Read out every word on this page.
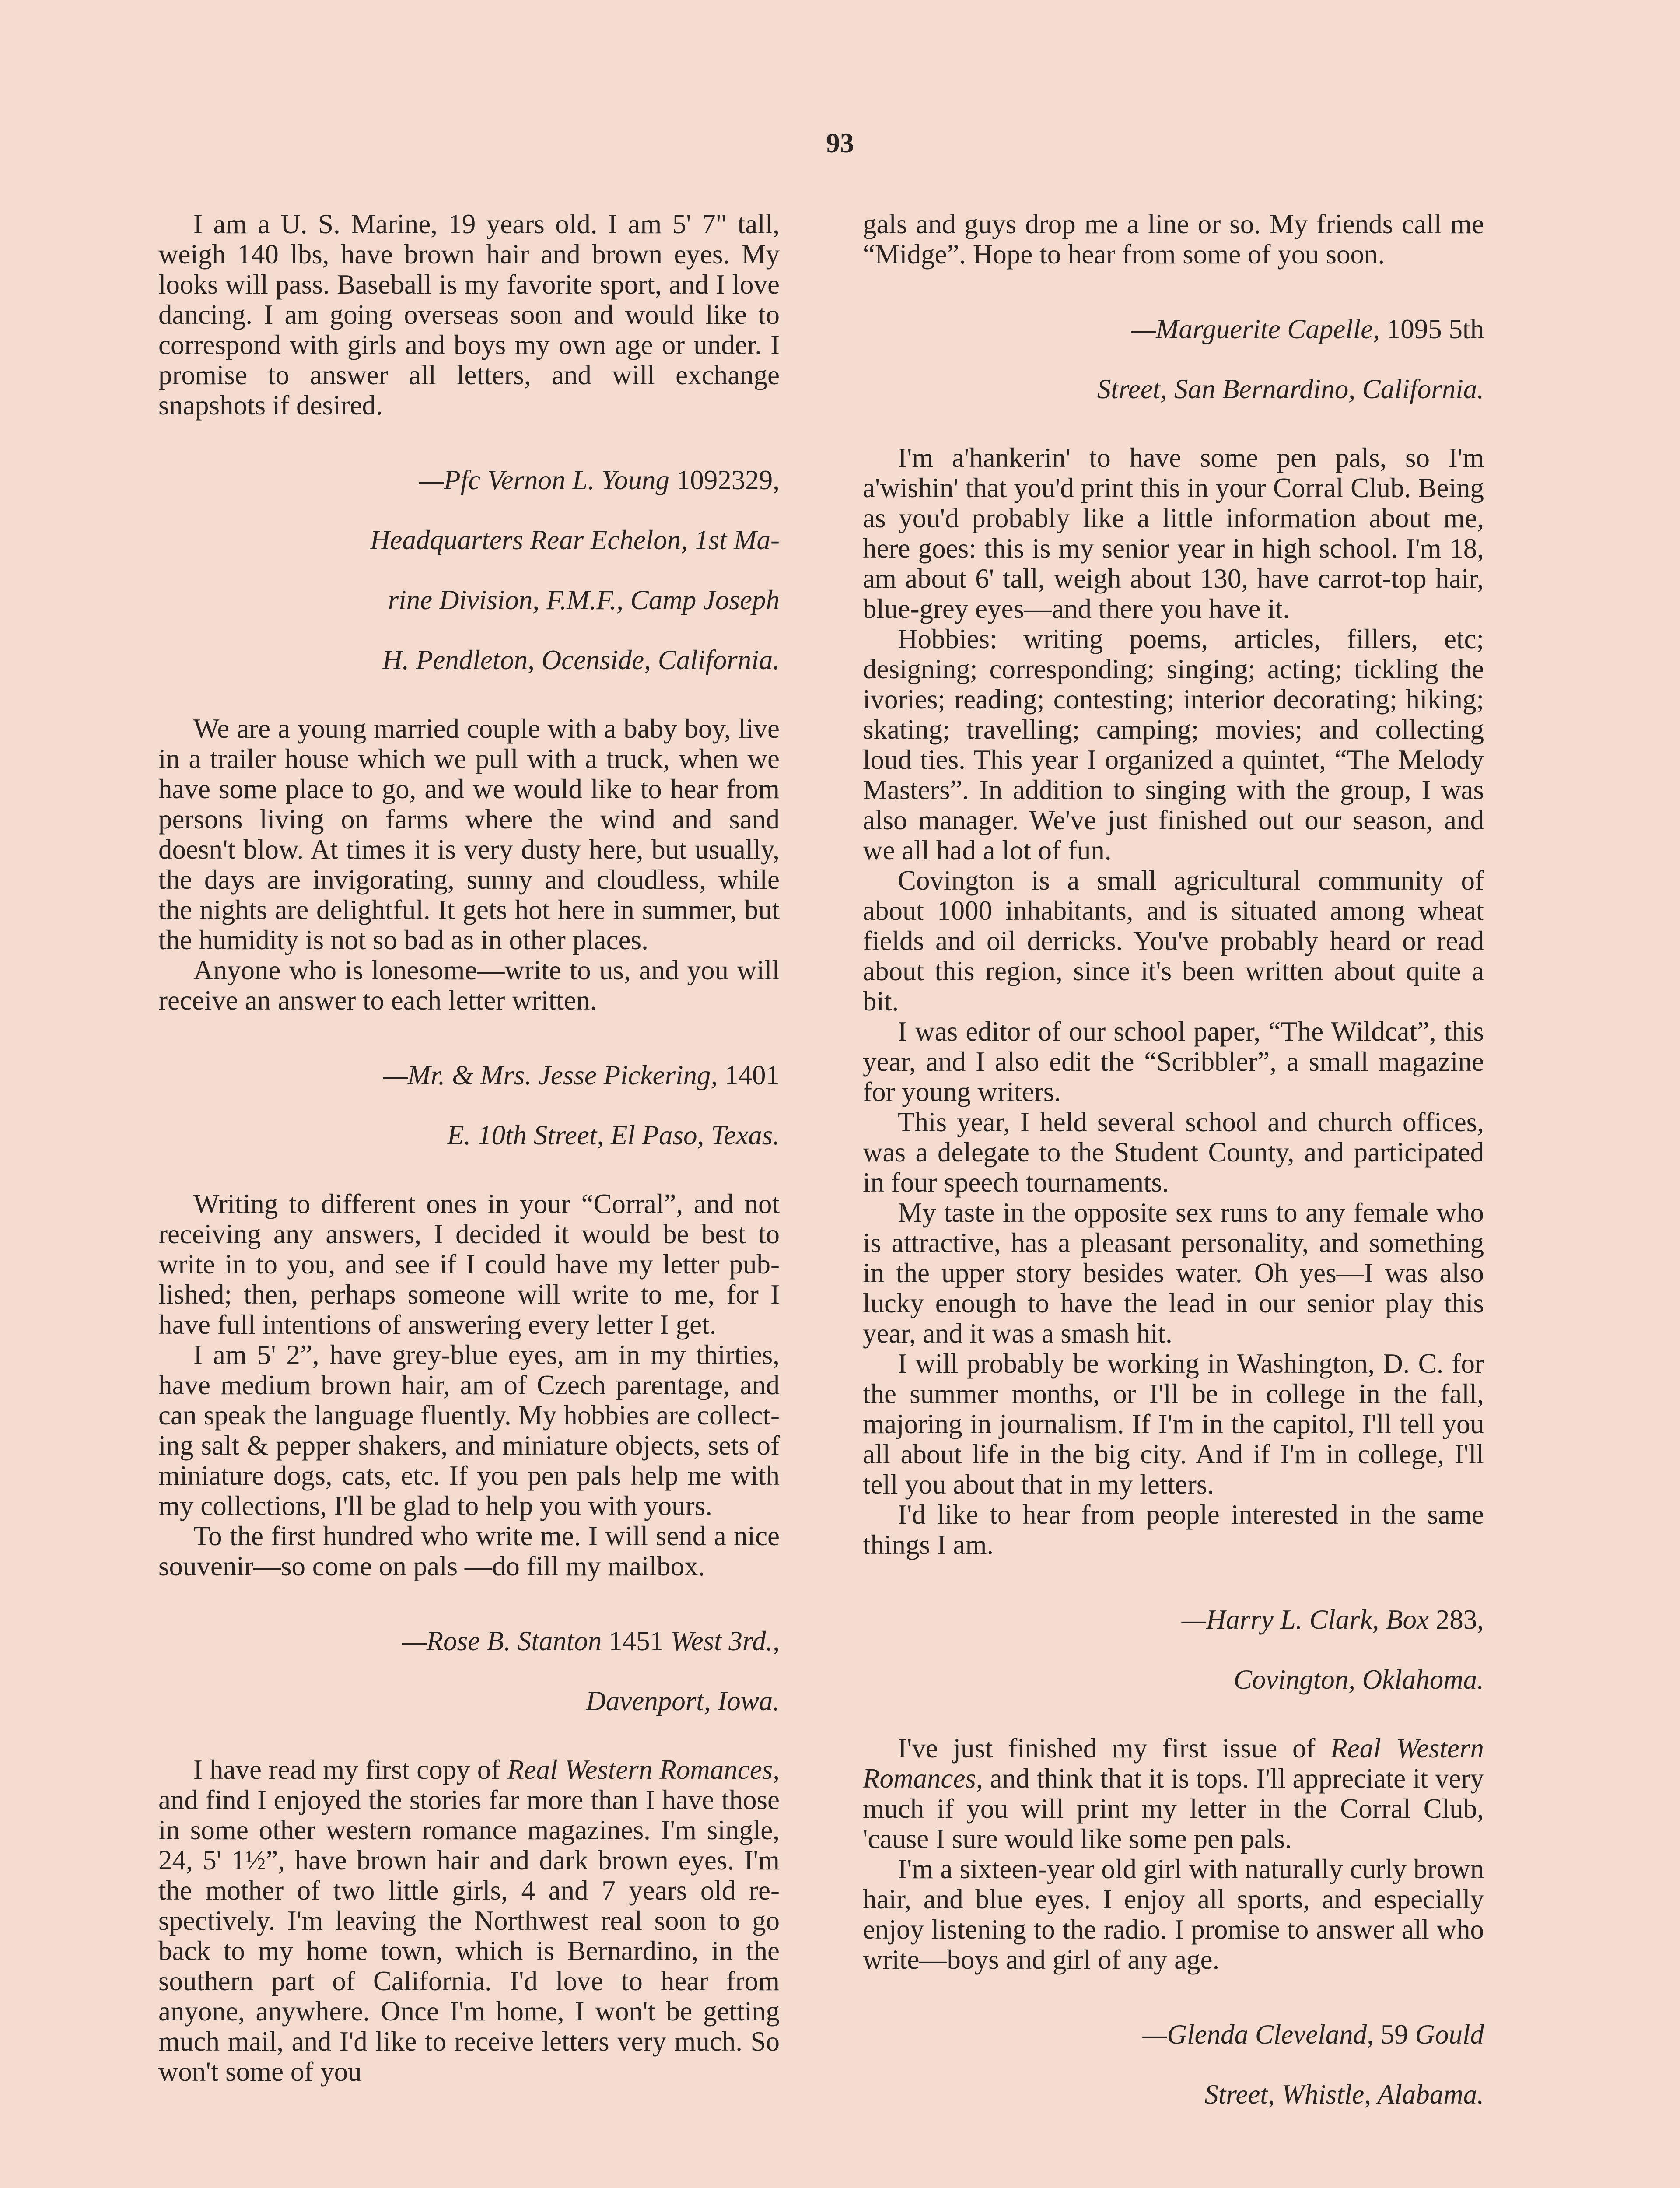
93

I am a U. S. Marine, 19 years old. I am 5' 7" tall, weigh 140 lbs, have brown hair and brown eyes. My looks will pass. Baseball is my favorite sport, and I love dancing. I am going overseas soon and would like to correspond with girls and boys my own age or under. I promise to answer all letters, and will exchange snapshots if desired.

—Pfc Vernon L. Young 1092329,
Headquarters Rear Echelon, 1st Ma-
rine Division, F.M.F., Camp Joseph
H. Pendleton, Ocenside, California.

We are a young married couple with a baby boy, live in a trailer house which we pull with a truck, when we have some place to go, and we would like to hear from persons living on farms where the wind and sand doesn't blow. At times it is very dusty here, but usually, the days are invigorating, sunny and cloudless, while the nights are delightful. It gets hot here in summer, but the humidity is not so bad as in other places.

Anyone who is lonesome—write to us, and you will receive an answer to each letter written.

—Mr. & Mrs. Jesse Pickering, 1401
E. 10th Street, El Paso, Texas.

Writing to different ones in your “Corral”, and not receiving any answers, I decided it would be best to write in to you, and see if I could have my letter published; then, perhaps someone will write to me, for I have full intentions of answering every letter I get.

I am 5' 2”, have grey-blue eyes, am in my thirties, have medium brown hair, am of Czech parentage, and can speak the language fluently. My hobbies are collecting salt & pepper shakers, and miniature objects, sets of miniature dogs, cats, etc. If you pen pals help me with my collections, I'll be glad to help you with yours.

To the first hundred who write me. I will send a nice souvenir—so come on pals —do fill my mailbox.

—Rose B. Stanton 1451 West 3rd.,
Davenport, Iowa.

I have read my first copy of Real Western Romances, and find I enjoyed the stories far more than I have those in some other western romance magazines. I'm single, 24, 5' 1½”, have brown hair and dark brown eyes. I'm the mother of two little girls, 4 and 7 years old respectively. I'm leaving the Northwest real soon to go back to my home town, which is Bernardino, in the southern part of California. I'd love to hear from anyone, anywhere. Once I'm home, I won't be getting much mail, and I'd like to receive letters very much. So won't some of you

gals and guys drop me a line or so. My friends call me “Midge”. Hope to hear from some of you soon.

—Marguerite Capelle, 1095 5th
Street, San Bernardino, California.

I'm a'hankerin' to have some pen pals, so I'm a'wishin' that you'd print this in your Corral Club. Being as you'd probably like a little information about me, here goes: this is my senior year in high school. I'm 18, am about 6' tall, weigh about 130, have carrot-top hair, blue-grey eyes—and there you have it.

Hobbies: writing poems, articles, fillers, etc; designing; corresponding; singing; acting; tickling the ivories; reading; contesting; interior decorating; hiking; skating; travelling; camping; movies; and collecting loud ties. This year I organized a quintet, “The Melody Masters”. In addition to singing with the group, I was also manager. We've just finished out our season, and we all had a lot of fun.

Covington is a small agricultural community of about 1000 inhabitants, and is situated among wheat fields and oil derricks. You've probably heard or read about this region, since it's been written about quite a bit.

I was editor of our school paper, “The Wildcat”, this year, and I also edit the “Scribbler”, a small magazine for young writers.

This year, I held several school and church offices, was a delegate to the Student County, and participated in four speech tournaments.

My taste in the opposite sex runs to any female who is attractive, has a pleasant personality, and something in the upper story besides water. Oh yes—I was also lucky enough to have the lead in our senior play this year, and it was a smash hit.

I will probably be working in Washington, D. C. for the summer months, or I'll be in college in the fall, majoring in journalism. If I'm in the capitol, I'll tell you all about life in the big city. And if I'm in college, I'll tell you about that in my letters.

I'd like to hear from people interested in the same things I am.

—Harry L. Clark, Box 283,
Covington, Oklahoma.

I've just finished my first issue of Real Western Romances, and think that it is tops. I'll appreciate it very much if you will print my letter in the Corral Club, 'cause I sure would like some pen pals.

I'm a sixteen-year old girl with naturally curly brown hair, and blue eyes. I enjoy all sports, and especially enjoy listening to the radio. I promise to answer all who write—boys and girl of any age.

—Glenda Cleveland, 59 Gould
Street, Whistle, Alabama.
